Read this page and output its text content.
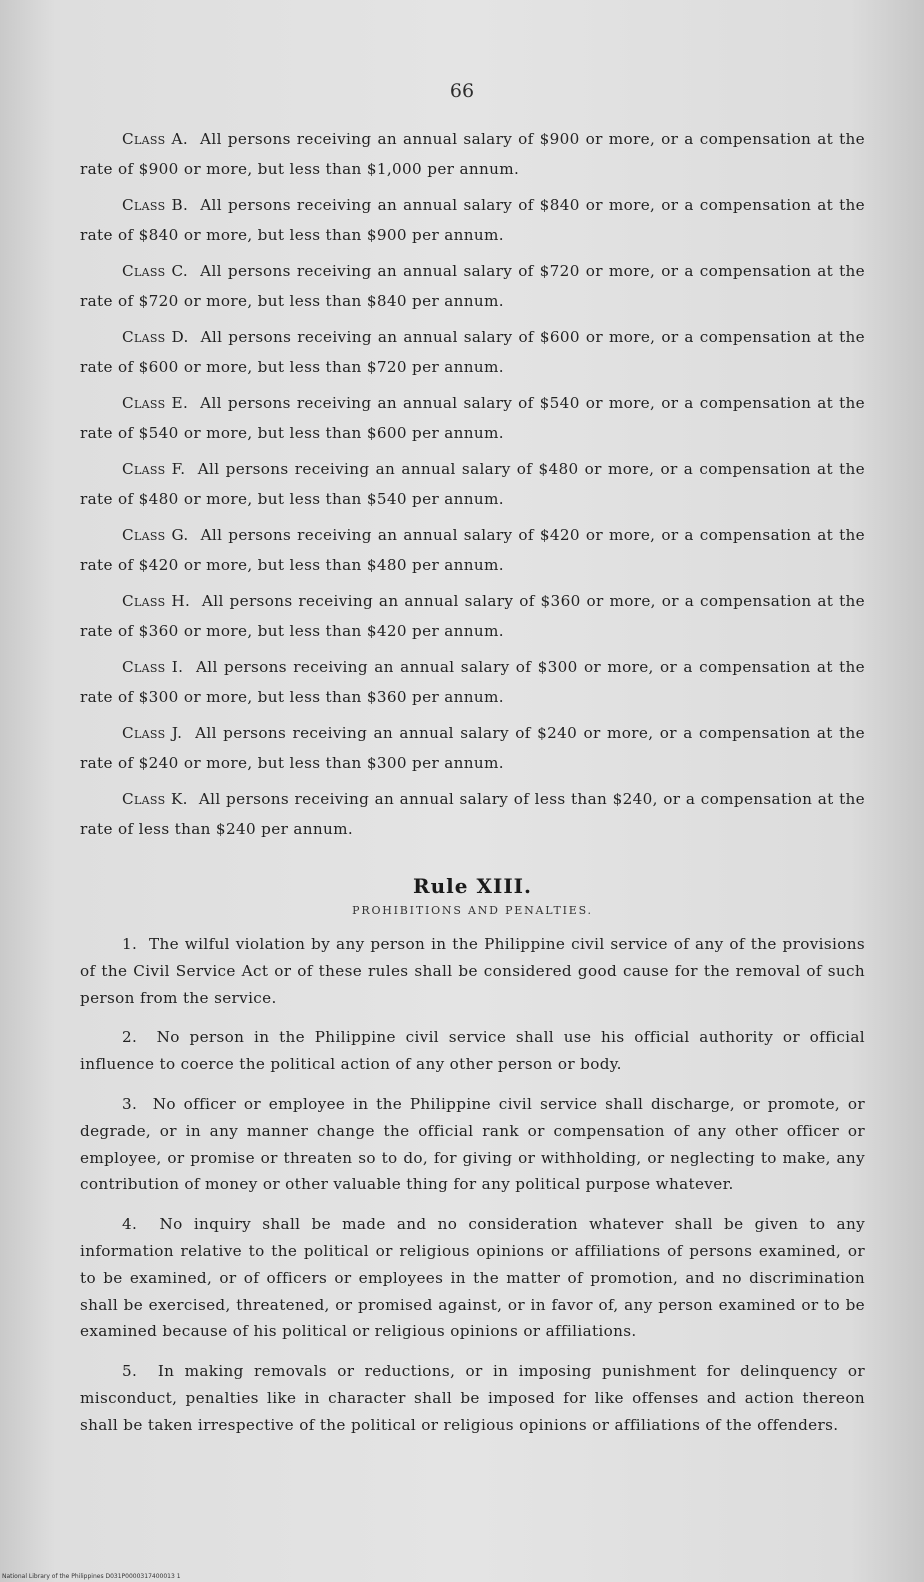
66

Class A. All persons receiving an annual salary of $900 or more, or a compensation at the rate of $900 or more, but less than $1,000 per annum.

Class B. All persons receiving an annual salary of $840 or more, or a compensation at the rate of $840 or more, but less than $900 per annum.

Class C. All persons receiving an annual salary of $720 or more, or a compensation at the rate of $720 or more, but less than $840 per annum.

Class D. All persons receiving an annual salary of $600 or more, or a compensation at the rate of $600 or more, but less than $720 per annum.

Class E. All persons receiving an annual salary of $540 or more, or a compensation at the rate of $540 or more, but less than $600 per annum.

Class F. All persons receiving an annual salary of $480 or more, or a compensation at the rate of $480 or more, but less than $540 per annum.

Class G. All persons receiving an annual salary of $420 or more, or a compensation at the rate of $420 or more, but less than $480 per annum.

Class H. All persons receiving an annual salary of $360 or more, or a compensation at the rate of $360 or more, but less than $420 per annum.

Class I. All persons receiving an annual salary of $300 or more, or a compensation at the rate of $300 or more, but less than $360 per annum.

Class J. All persons receiving an annual salary of $240 or more, or a compensation at the rate of $240 or more, but less than $300 per annum.

Class K. All persons receiving an annual salary of less than $240, or a compensation at the rate of less than $240 per annum.

Rule XIII.

PROHIBITIONS AND PENALTIES.

1. The wilful violation by any person in the Philippine civil service of any of the provisions of the Civil Service Act or of these rules shall be considered good cause for the removal of such person from the service.

2. No person in the Philippine civil service shall use his official authority or official influence to coerce the political action of any other person or body.

3. No officer or employee in the Philippine civil service shall discharge, or promote, or degrade, or in any manner change the official rank or compensation of any other officer or employee, or promise or threaten so to do, for giving or withholding, or neglecting to make, any contribution of money or other valuable thing for any political purpose whatever.

4. No inquiry shall be made and no consideration whatever shall be given to any information relative to the political or religious opinions or affiliations of persons examined, or to be examined, or of officers or employees in the matter of promotion, and no discrimination shall be exercised, threatened, or promised against, or in favor of, any person examined or to be examined because of his political or religious opinions or affiliations.

5. In making removals or reductions, or in imposing punishment for delinquency or misconduct, penalties like in character shall be imposed for like offenses and action thereon shall be taken irrespective of the political or religious opinions or affiliations of the offenders.

National Library of the Philippines D031P0000317400013 1
